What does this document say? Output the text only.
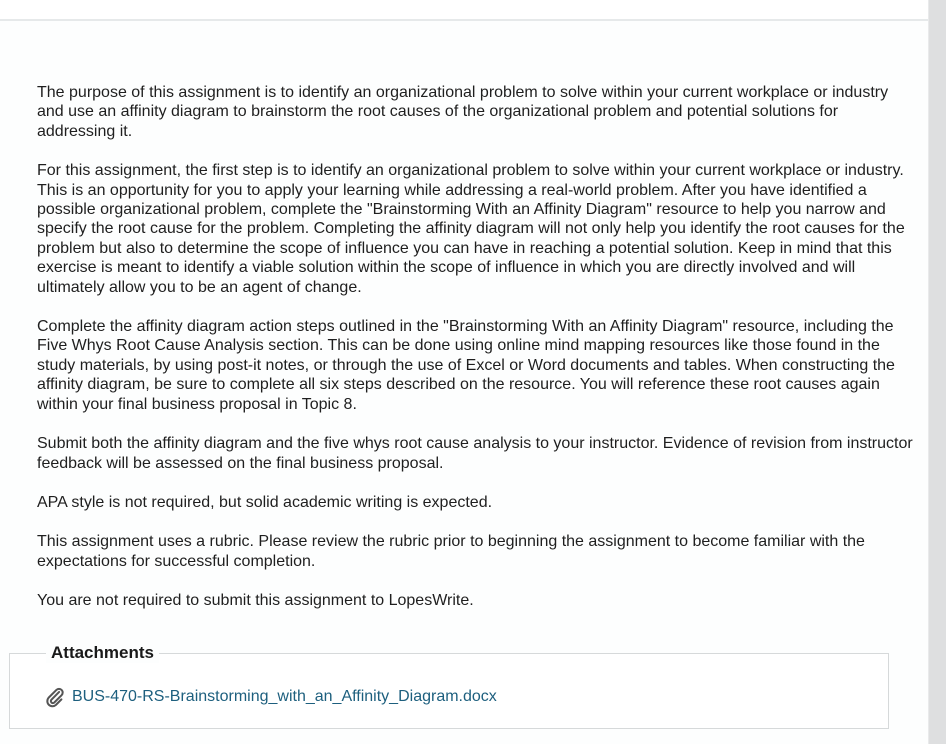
The purpose of this assignment is to identify an organizational problem to solve within your current workplace or industry and use an affinity diagram to brainstorm the root causes of the organizational problem and potential solutions for addressing it.

For this assignment, the first step is to identify an organizational problem to solve within your current workplace or industry. This is an opportunity for you to apply your learning while addressing a real-world problem. After you have identified a possible organizational problem, complete the "Brainstorming With an Affinity Diagram" resource to help you narrow and specify the root cause for the problem. Completing the affinity diagram will not only help you identify the root causes for the problem but also to determine the scope of influence you can have in reaching a potential solution. Keep in mind that this exercise is meant to identify a viable solution within the scope of influence in which you are directly involved and will ultimately allow you to be an agent of change.

Complete the affinity diagram action steps outlined in the "Brainstorming With an Affinity Diagram" resource, including the Five Whys Root Cause Analysis section. This can be done using online mind mapping resources like those found in the study materials, by using post-it notes, or through the use of Excel or Word documents and tables. When constructing the affinity diagram, be sure to complete all six steps described on the resource. You will reference these root causes again within your final business proposal in Topic 8.

Submit both the affinity diagram and the five whys root cause analysis to your instructor. Evidence of revision from instructor feedback will be assessed on the final business proposal.

APA style is not required, but solid academic writing is expected.

This assignment uses a rubric. Please review the rubric prior to beginning the assignment to become familiar with the expectations for successful completion.

You are not required to submit this assignment to LopesWrite.

Attachments
BUS-470-RS-Brainstorming_with_an_Affinity_Diagram.docx
